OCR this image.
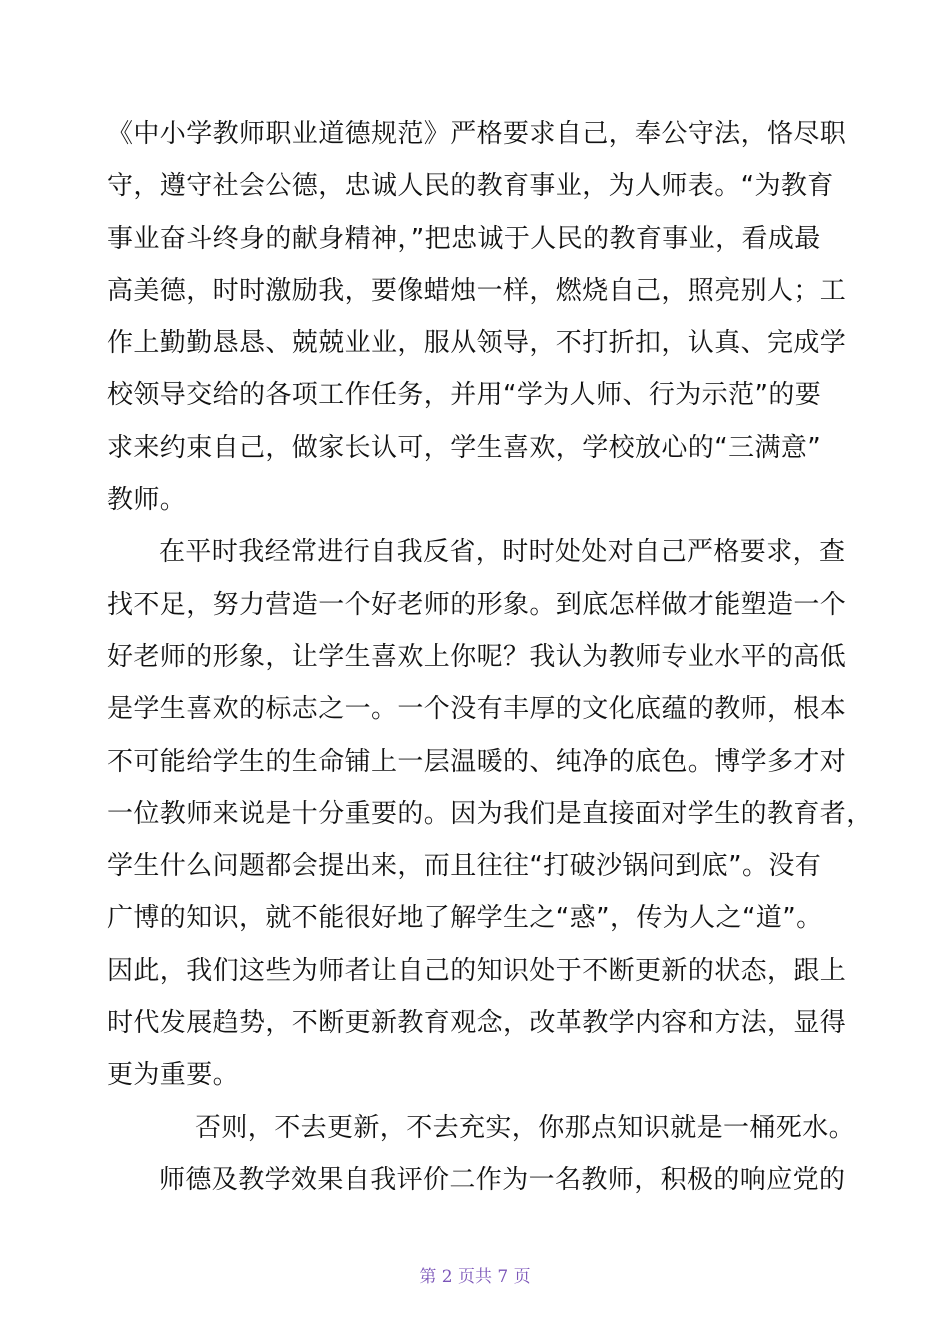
《中小学教师职业道德规范》严格要求自己，奉公守法，恪尽职
守，遵守社会公德，忠诚人民的教育事业，为人师表。“为教育
事业奋斗终身的献身精神，”把忠诚于人民的教育事业，看成最
高美德，时时激励我，要像蜡烛一样，燃烧自己，照亮别人；工
作上勤勤恳恳、兢兢业业，服从领导，不打折扣，认真、完成学
校领导交给的各项工作任务，并用“学为人师、行为示范”的要
求来约束自己，做家长认可，学生喜欢，学校放心的“三满意”
教师。
在平时我经常进行自我反省，时时处处对自己严格要求，查
找不足，努力营造一个好老师的形象。到底怎样做才能塑造一个
好老师的形象，让学生喜欢上你呢？我认为教师专业水平的高低
是学生喜欢的标志之一。一个没有丰厚的文化底蕴的教师，根本
不可能给学生的生命铺上一层温暖的、纯净的底色。博学多才对
一位教师来说是十分重要的。因为我们是直接面对学生的教育者，
学生什么问题都会提出来，而且往往“打破沙锅问到底”。没有
广博的知识，就不能很好地了解学生之“惑”，传为人之“道”。
因此，我们这些为师者让自己的知识处于不断更新的状态，跟上
时代发展趋势，不断更新教育观念，改革教学内容和方法，显得
更为重要。
否则，不去更新，不去充实，你那点知识就是一桶死水。
师德及教学效果自我评价二作为一名教师，积极的响应党的
第 2 页共 7 页
